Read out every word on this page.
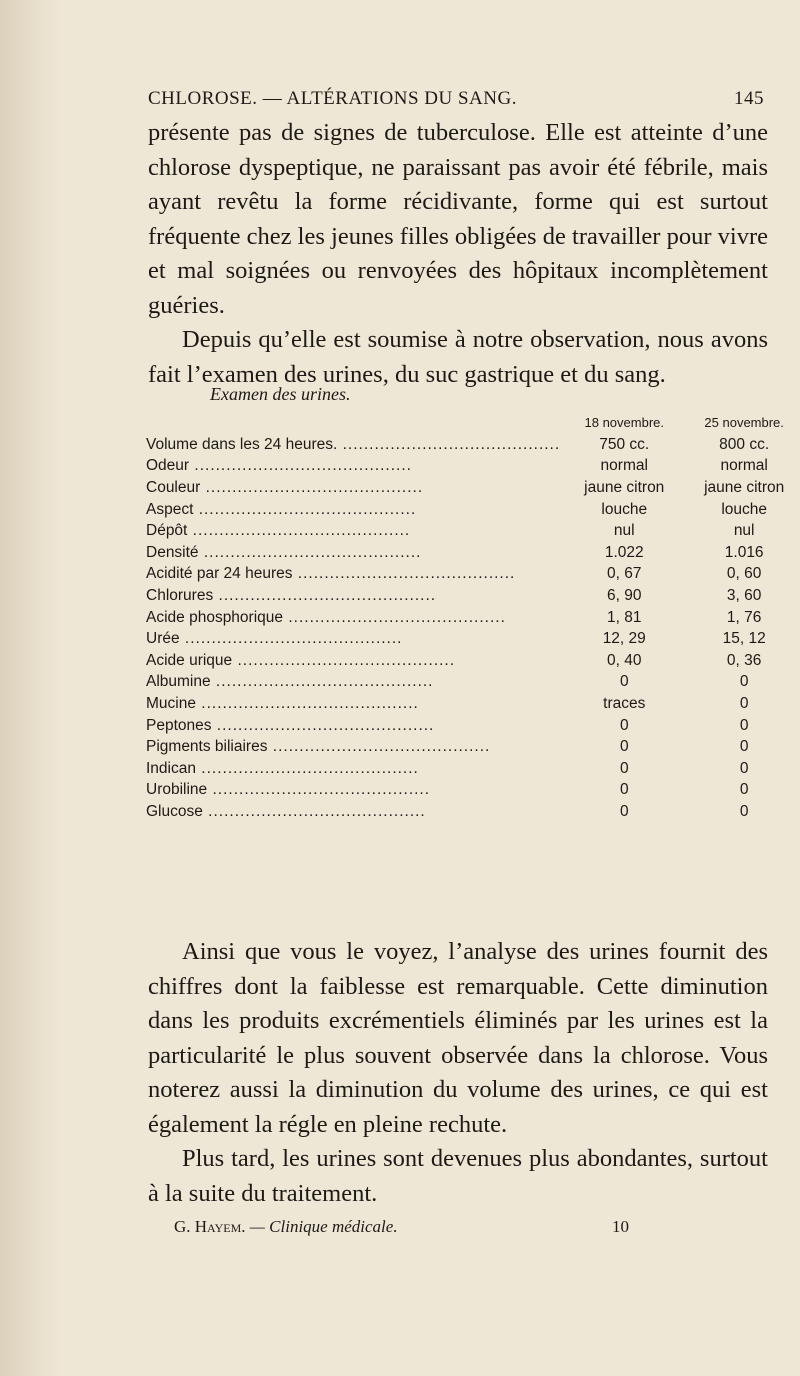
CHLOROSE. — ALTÉRATIONS DU SANG.	145

présente pas de signes de tuberculose. Elle est atteinte d’une chlorose dyspeptique, ne paraissant pas avoir été fébrile, mais ayant revêtu la forme récidivante, forme qui est surtout fréquente chez les jeunes filles obligées de travailler pour vivre et mal soignées ou renvoyées des hôpitaux incomplètement guéries.

Depuis qu’elle est soumise à notre observation, nous avons fait l’examen des urines, du suc gastrique et du sang.

Examen des urines.
	18 novembre.	25 novembre.
Volume dans les 24 heures. .....	750 cc.	800 cc.
Odeur .....	normal	normal
Couleur .....	jaune citron	jaune citron
Aspect .....	louche	louche
Dépôt .....	nul	nul
Densité .....	1.022	1.016
Acidité par 24 heures .....	0, 67	0, 60
Chlorures .....	6, 90	3, 60
Acide phosphorique .....	1, 81	1, 76
Urée .....	12, 29	15, 12
Acide urique .....	0, 40	0, 36
Albumine .....	0	0
Mucine .....	traces	0
Peptones .....	0	0
Pigments biliaires .....	0	0
Indican .....	0	0
Urobiline .....	0	0
Glucose .....	0	0

Ainsi que vous le voyez, l’analyse des urines fournit des chiffres dont la faiblesse est remarquable. Cette diminution dans les produits excrémentiels éliminés par les urines est la particularité le plus souvent observée dans la chlorose. Vous noterez aussi la diminution du volume des urines, ce qui est également la régle en pleine rechute.

Plus tard, les urines sont devenues plus abondantes, surtout à la suite du traitement.

G. Hayem. — Clinique médicale.	10
